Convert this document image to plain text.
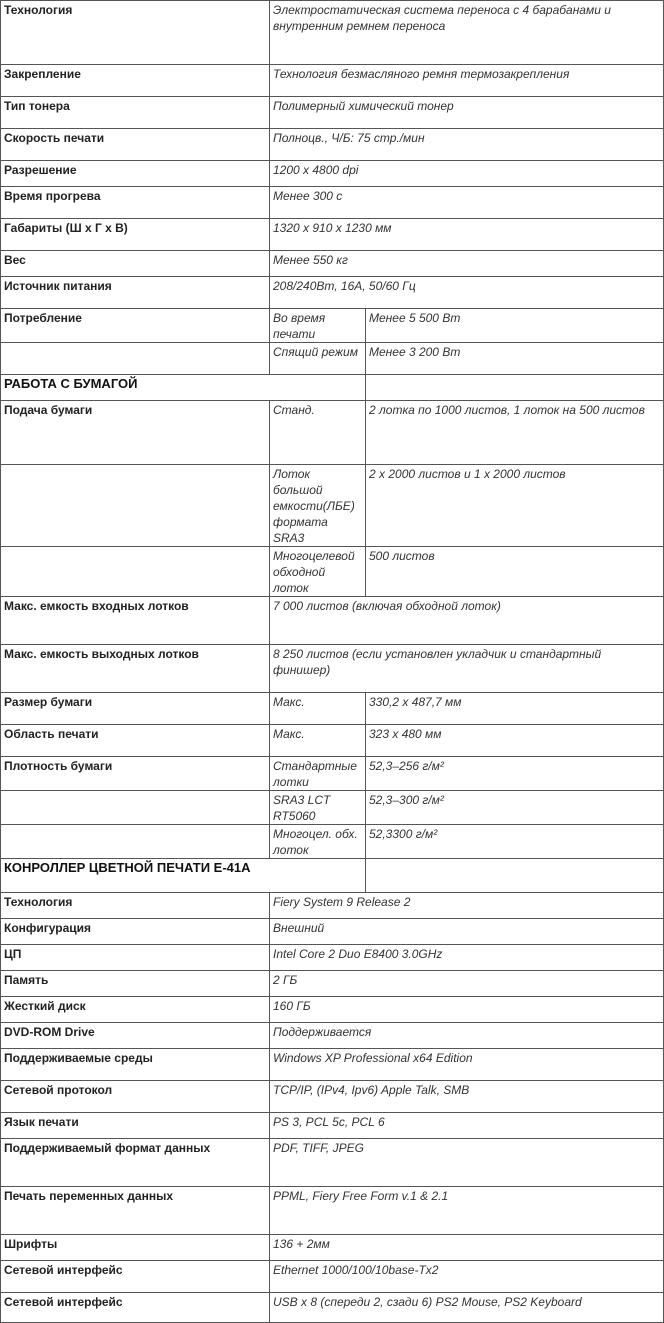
Технология	Электростатическая система переноса с 4 барабанами и внутренним ремнем переноса	
Закрепление	Технология безмасляного ремня термозакрепления	
Тип тонера	Полимерный химический тонер	
Скорость печати	Полноцв., Ч/Б: 75 стр./мин	
Разрешение	1200 x 4800 dpi	
Время прогрева	Менее 300 с	
Габариты (Ш х Г х В)	1320 x 910 x 1230 мм	
Вес	Менее 550 кг	
Источник питания	208/240Вт, 16A, 50/60 Гц	
Потребление	Во время печати	Менее 5 500 Вт
	Спящий режим	Менее 3 200 Вт
РАБОТА С БУМАГОЙ		
Подача бумаги	Станд.	2 лотка по 1000 листов, 1 лоток на 500 листов
	Лоток большой емкости(ЛБЕ) формата SRA3	2 x 2000 листов и 1 x 2000 листов
	Многоцелевой обходной лоток	500 листов
Макс. емкость входных лотков	7 000 листов (включая обходной лоток)	
Макс. емкость выходных лотков	8 250 листов (если установлен укладчик и стандартный финишер)	
Размер бумаги	Макс.	330,2 x 487,7 мм
Область печати	Макс.	323 x 480 мм
Плотность бумаги	Стандартные лотки	52,3–256 г/м²
	SRA3 LCT RT5060	52,3–300 г/м²
	Многоцел. обх. лоток	52,3300 г/м²
КОНРОЛЛЕР ЦВЕТНОЙ ПЕЧАТИ E-41A		
Технология	Fiery System 9 Release 2	
Конфигурация	Внешний	
ЦП	Intel Core 2 Duo E8400 3.0GHz	
Память	2 ГБ	
Жесткий диск	160 ГБ	
DVD-ROM Drive	Поддерживается	
Поддерживаемые среды	Windows XP Professional x64 Edition	
Сетевой протокол	TCP/IP, (IPv4, Ipv6) Apple Talk, SMB	
Язык печати	PS 3, PCL 5c, PCL 6	
Поддерживаемый формат данных	PDF, TIFF, JPEG	
Печать переменных данных	PPML, Fiery Free Form v.1 & 2.1	
Шрифты	136 + 2мм	
Сетевой интерфейс	Ethernet 1000/100/10base-Tx2	
Сетевой интерфейс	USB x 8 (спереди 2, сзади 6) PS2 Mouse, PS2 Keyboard	
